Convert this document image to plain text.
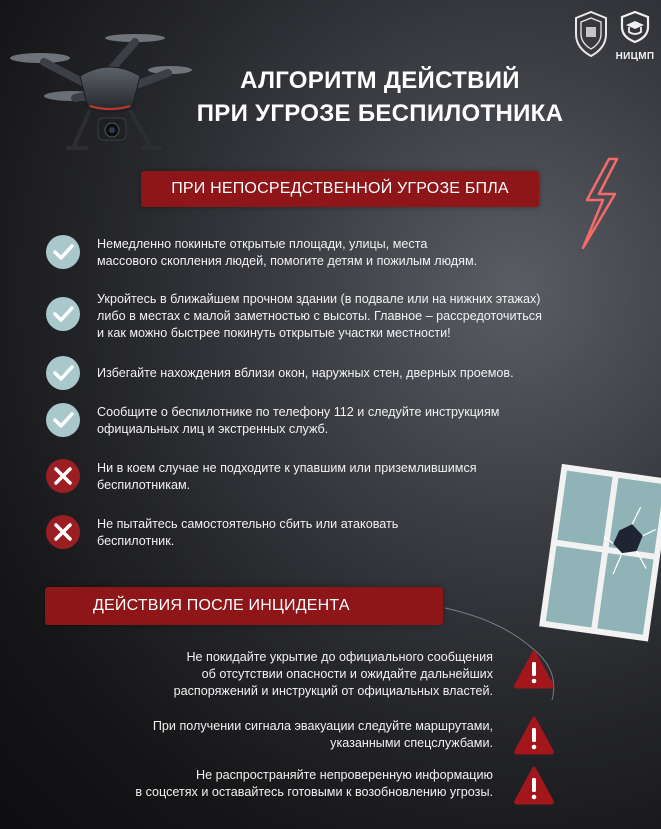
НИЦМП
АЛГОРИТМ ДЕЙСТВИЙ
ПРИ УГРОЗЕ БЕСПИЛОТНИКА
ПРИ НЕПОСРЕДСТВЕННОЙ УГРОЗЕ БПЛА
Немедленно покиньте открытые площади, улицы, места
массового скопления людей, помогите детям и пожилым людям.
Укройтесь в ближайшем прочном здании (в подвале или на нижних этажах)
либо в местах с малой заметностью с высоты. Главное – рассредоточиться
и как можно быстрее покинуть открытые участки местности!
Избегайте нахождения вблизи окон, наружных стен, дверных проемов.
Сообщите о беспилотнике по телефону 112 и следуйте инструкциям
официальных лиц и экстренных служб.
Ни в коем случае не подходите к упавшим или приземлившимся
беспилотникам.
Не пытайтесь самостоятельно сбить или атаковать
беспилотник.
ДЕЙСТВИЯ ПОСЛЕ ИНЦИДЕНТА
Не покидайте укрытие до официального сообщения
об отсутствии опасности и ожидайте дальнейших
распоряжений и инструкций от официальных властей.
При получении сигнала эвакуации следуйте маршрутами,
указанными спецслужбами.
Не распространяйте непроверенную информацию
в соцсетях и оставайтесь готовыми к возобновлению угрозы.
